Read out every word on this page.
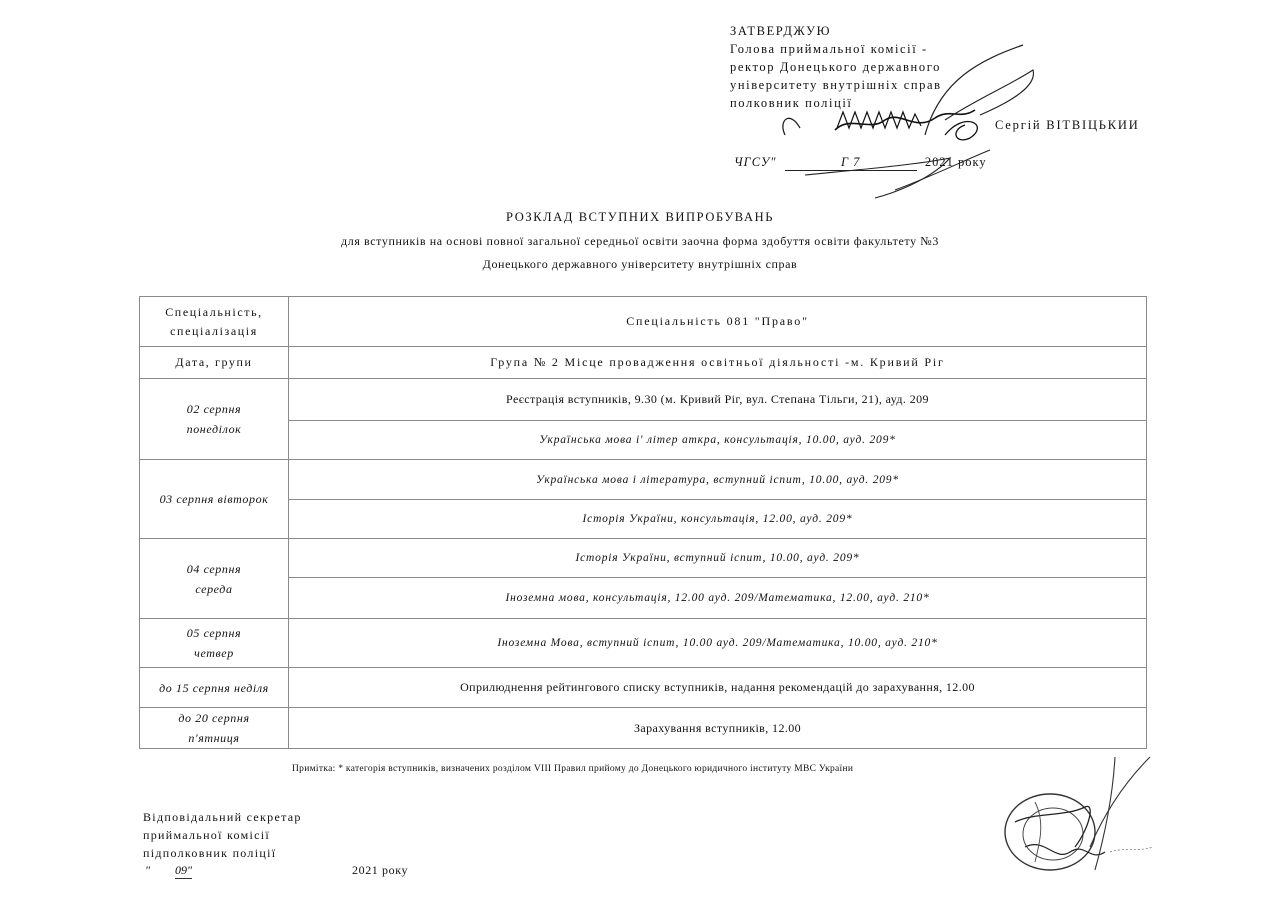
ЗАТВЕРДЖУЮ
Голова приймальної комісії -
ректор Донецького державного
університету внутрішніх справ
полковник поліції
Сергій ВІТВІЦЬКИИ
ЧГСУ"	Г 7	2021 року
РОЗКЛАД ВСТУПНИХ ВИПРОБУВАНЬ
для вступників на основі повної загальної середньої освіти заочна форма здобуття освіти факультету №3
Донецького державного університету внутрішніх справ
Спеціальність,
спеціалізація	Спеціальність 081 "Право"
Дата, групи	Група № 2 Місце провадження освітньої діяльності -м. Кривий Ріг

02 серпня
понеділок	Реєстрація вступників, 9.30 (м. Кривий Ріг, вул. Степана Тільги, 21), ауд. 209
	Українська мова і' літер аткра, консультація, 10.00, ауд. 209*

03 серпня вівторок	Українська мова і література, вступний іспит, 10.00, ауд. 209*
	Історія України, консультація, 12.00, ауд. 209*

04 серпня
середа	Історія України, вступний іспит, 10.00, ауд. 209*
	Іноземна мова, консультація, 12.00 ауд. 209/Математика, 12.00, ауд. 210*

05 серпня
четвер	Іноземна Мова, вступний іспит, 10.00 ауд. 209/Математика, 10.00, ауд. 210*

до 15 серпня неділя	Оприлюднення рейтингового списку вступників, надання рекомендацій до зарахування, 12.00

до 20 серпня
п'ятниця	Зарахування вступників, 12.00
Примітка: * категорія вступників, визначених розділом VIII Правил прийому до Донецького юридичного інституту МВС України
Відповідальний секретар
приймальної комісії
підполковник поліції
" 09"	2021 року
